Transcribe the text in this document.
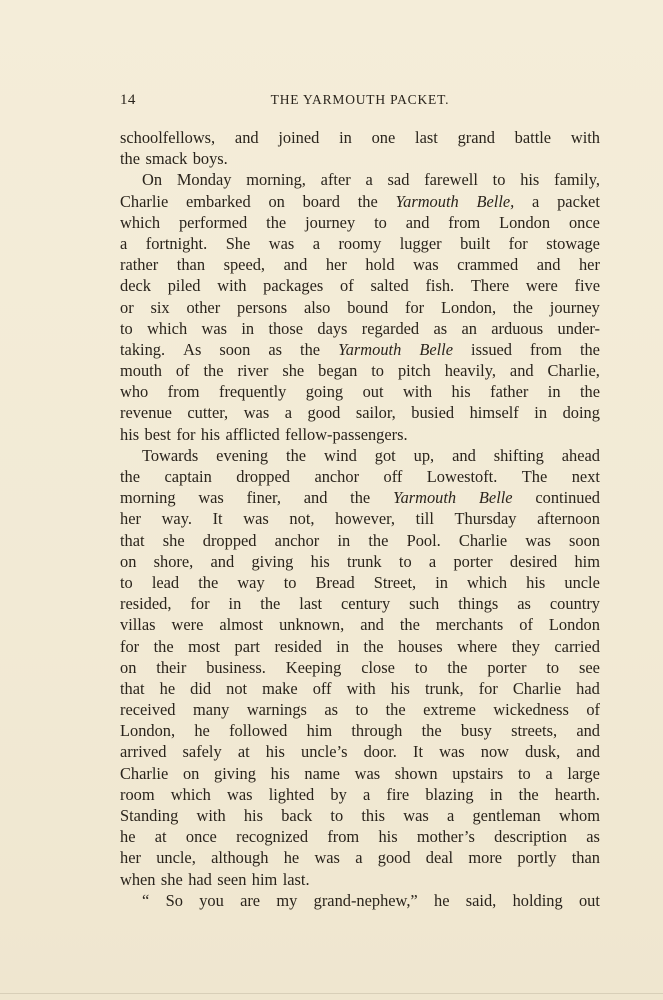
14	THE YARMOUTH PACKET.
schoolfellows, and joined in one last grand battle with
the smack boys.
On Monday morning, after a sad farewell to his family,
Charlie embarked on board the Yarmouth Belle, a packet
which performed the journey to and from London once
a fortnight. She was a roomy lugger built for stowage
rather than speed, and her hold was crammed and her
deck piled with packages of salted fish. There were five
or six other persons also bound for London, the journey
to which was in those days regarded as an arduous under-
taking. As soon as the Yarmouth Belle issued from the
mouth of the river she began to pitch heavily, and Charlie,
who from frequently going out with his father in the
revenue cutter, was a good sailor, busied himself in doing
his best for his afflicted fellow-passengers.
Towards evening the wind got up, and shifting ahead
the captain dropped anchor off Lowestoft. The next
morning was finer, and the Yarmouth Belle continued
her way. It was not, however, till Thursday afternoon
that she dropped anchor in the Pool. Charlie was soon
on shore, and giving his trunk to a porter desired him
to lead the way to Bread Street, in which his uncle
resided, for in the last century such things as country
villas were almost unknown, and the merchants of London
for the most part resided in the houses where they carried
on their business. Keeping close to the porter to see
that he did not make off with his trunk, for Charlie had
received many warnings as to the extreme wickedness of
London, he followed him through the busy streets, and
arrived safely at his uncle’s door. It was now dusk, and
Charlie on giving his name was shown upstairs to a large
room which was lighted by a fire blazing in the hearth.
Standing with his back to this was a gentleman whom
he at once recognized from his mother’s description as
her uncle, although he was a good deal more portly than
when she had seen him last.
“ So you are my grand-nephew,” he said, holding out
